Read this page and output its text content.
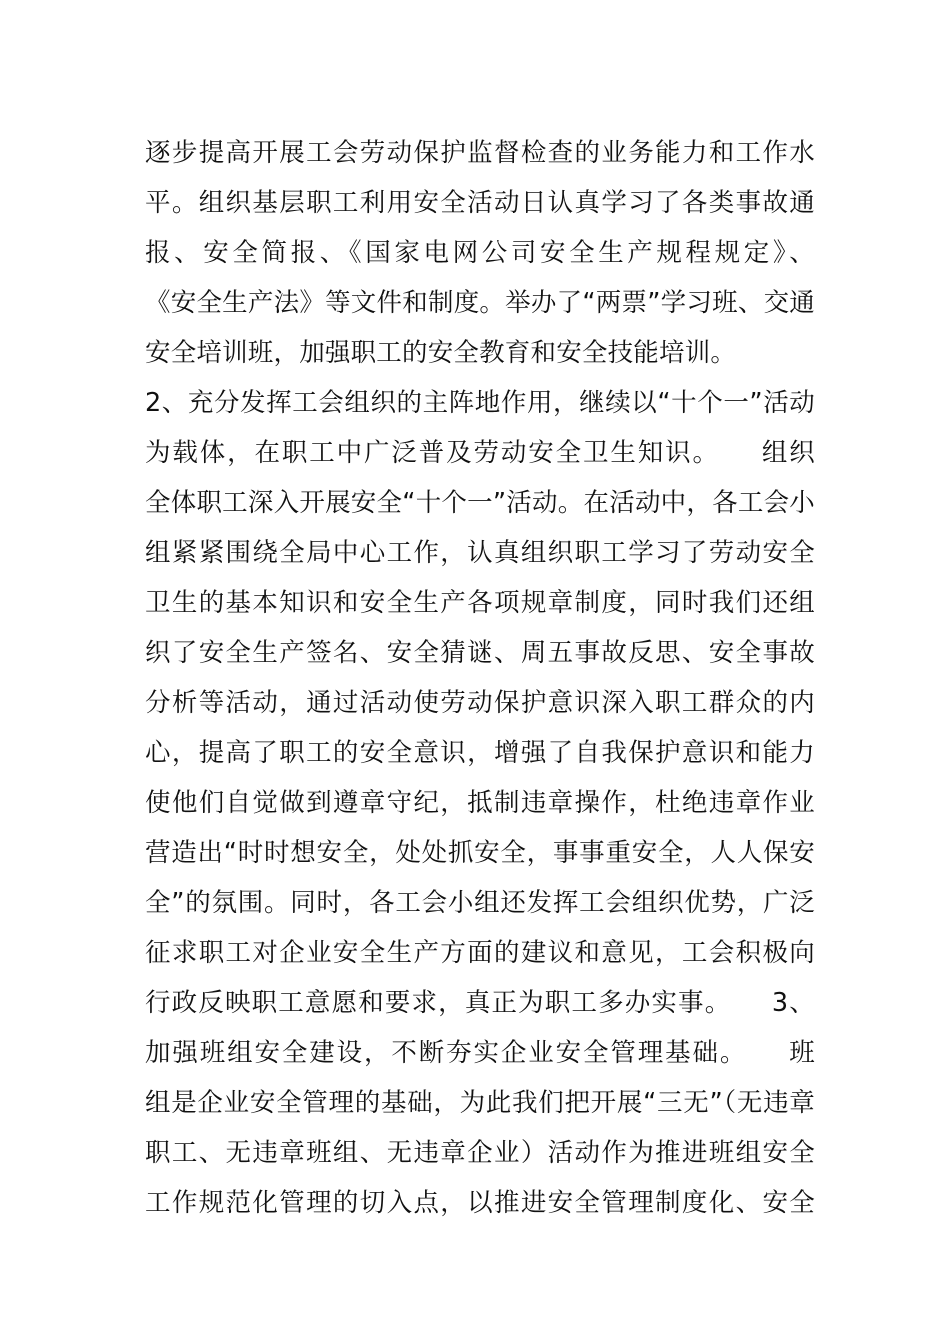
逐步提高开展工会劳动保护监督检查的业务能力和工作水
平。组织基层职工利用安全活动日认真学习了各类事故通
报、安全简报、《国家电网公司安全生产规程规定》、
《安全生产法》等文件和制度。举办了“两票”学习班、交通
安全培训班，加强职工的安全教育和安全技能培训。
2、充分发挥工会组织的主阵地作用，继续以“十个一”活动
为载体，在职工中广泛普及劳动安全卫生知识。　　组织
全体职工深入开展安全“十个一”活动。在活动中，各工会小
组紧紧围绕全局中心工作，认真组织职工学习了劳动安全
卫生的基本知识和安全生产各项规章制度，同时我们还组
织了安全生产签名、安全猜谜、周五事故反思、安全事故
分析等活动，通过活动使劳动保护意识深入职工群众的内
心，提高了职工的安全意识，增强了自我保护意识和能力
使他们自觉做到遵章守纪，抵制违章操作，杜绝违章作业
营造出“时时想安全，处处抓安全，事事重安全，人人保安
全”的氛围。同时，各工会小组还发挥工会组织优势，广泛
征求职工对企业安全生产方面的建议和意见，工会积极向
行政反映职工意愿和要求，真正为职工多办实事。　　3、
加强班组安全建设，不断夯实企业安全管理基础。　　班
组是企业安全管理的基础，为此我们把开展“三无”（无违章
职工、无违章班组、无违章企业）活动作为推进班组安全
工作规范化管理的切入点，以推进安全管理制度化、安全
